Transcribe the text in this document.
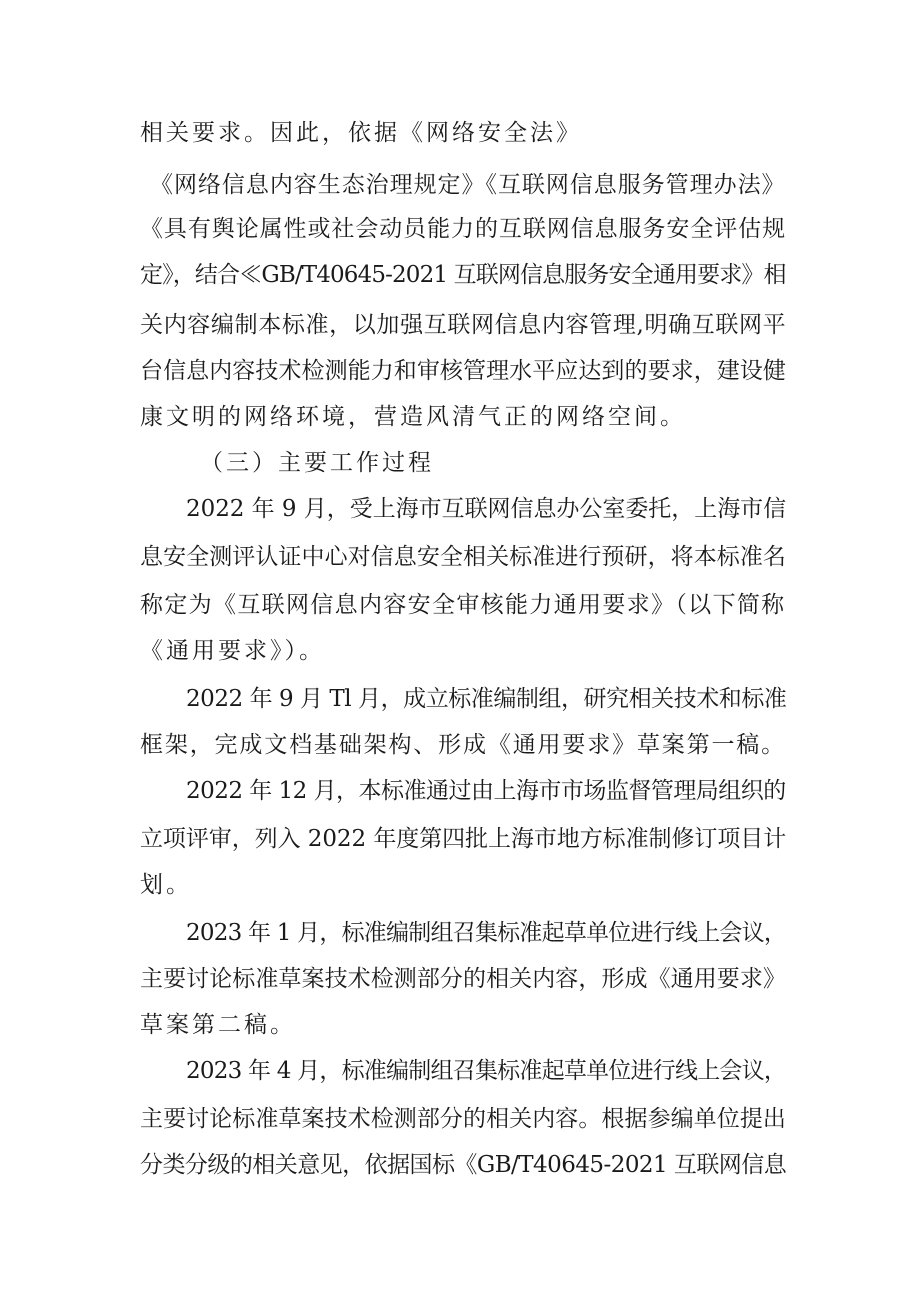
相关要求。因此，依据《网络安全法》
《网络信息内容生态治理规定》《互联网信息服务管理办法》
《具有舆论属性或社会动员能力的互联网信息服务安全评估规
定》，结合≪GB/T40645-2021 互联网信息服务安全通用要求》相
关内容编制本标准，以加强互联网信息内容管理,明确互联网平
台信息内容技术检测能力和审核管理水平应达到的要求，建设健
康文明的网络环境，营造风清气正的网络空间。
（三）主要工作过程
2022 年 9 月，受上海市互联网信息办公室委托，上海市信
息安全测评认证中心对信息安全相关标准进行预研，将本标准名
称定为《互联网信息内容安全审核能力通用要求》（以下简称
《通用要求》）。
2022 年 9 月 Tl 月，成立标准编制组，研究相关技术和标准
框架，完成文档基础架构、形成《通用要求》草案第一稿。
2022 年 12 月，本标准通过由上海市市场监督管理局组织的
立项评审，列入 2022 年度第四批上海市地方标准制修订项目计
划。
2023 年 1 月，标准编制组召集标准起草单位进行线上会议，
主要讨论标准草案技术检测部分的相关内容，形成《通用要求》
草案第二稿。
2023 年 4 月，标准编制组召集标准起草单位进行线上会议，
主要讨论标准草案技术检测部分的相关内容。根据参编单位提出
分类分级的相关意见，依据国标《GB/T40645-2021 互联网信息
